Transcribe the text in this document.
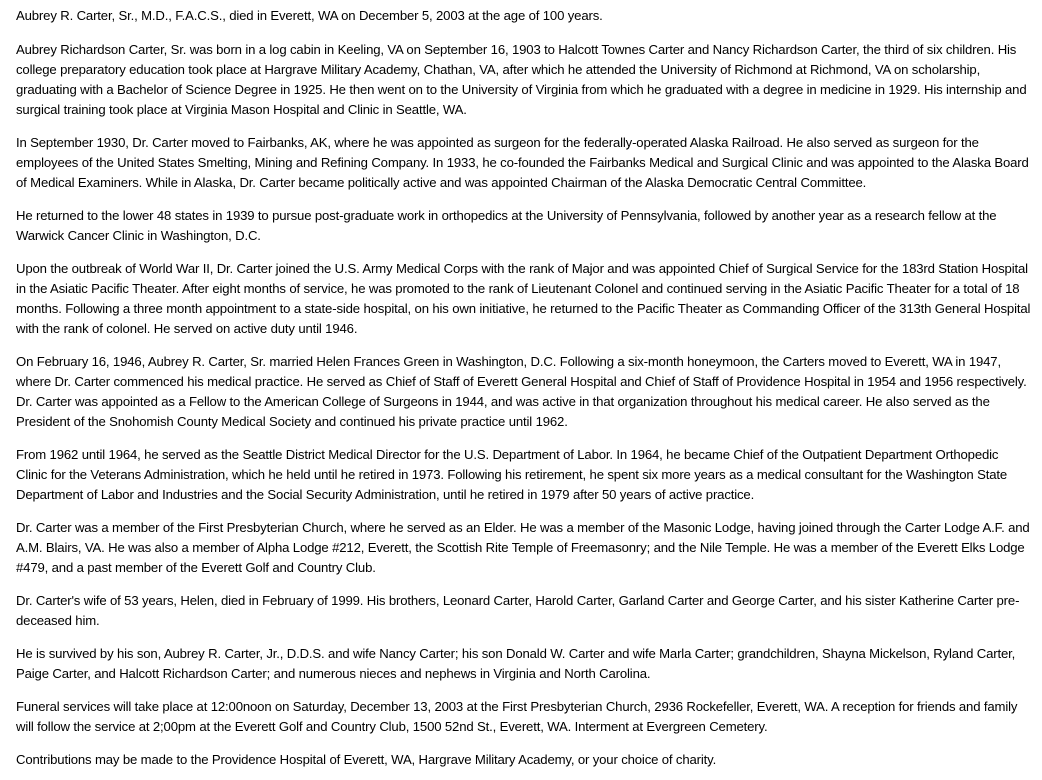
Aubrey R. Carter, Sr., M.D., F.A.C.S., died in Everett, WA on December 5, 2003 at the age of 100 years.

Aubrey Richardson Carter, Sr. was born in a log cabin in Keeling, VA on September 16, 1903 to Halcott Townes Carter and Nancy Richardson Carter, the third of six children. His college preparatory education took place at Hargrave Military Academy, Chathan, VA, after which he attended the University of Richmond at Richmond, VA on scholarship, graduating with a Bachelor of Science Degree in 1925. He then went on to the University of Virginia from which he graduated with a degree in medicine in 1929. His internship and surgical training took place at Virginia Mason Hospital and Clinic in Seattle, WA.

In September 1930, Dr. Carter moved to Fairbanks, AK, where he was appointed as surgeon for the federally-operated Alaska Railroad. He also served as surgeon for the employees of the United States Smelting, Mining and Refining Company. In 1933, he co-founded the Fairbanks Medical and Surgical Clinic and was appointed to the Alaska Board of Medical Examiners. While in Alaska, Dr. Carter became politically active and was appointed Chairman of the Alaska Democratic Central Committee.

He returned to the lower 48 states in 1939 to pursue post-graduate work in orthopedics at the University of Pennsylvania, followed by another year as a research fellow at the Warwick Cancer Clinic in Washington, D.C.

Upon the outbreak of World War II, Dr. Carter joined the U.S. Army Medical Corps with the rank of Major and was appointed Chief of Surgical Service for the 183rd Station Hospital in the Asiatic Pacific Theater. After eight months of service, he was promoted to the rank of Lieutenant Colonel and continued serving in the Asiatic Pacific Theater for a total of 18 months. Following a three month appointment to a state-side hospital, on his own initiative, he returned to the Pacific Theater as Commanding Officer of the 313th General Hospital with the rank of colonel. He served on active duty until 1946.

On February 16, 1946, Aubrey R. Carter, Sr. married Helen Frances Green in Washington, D.C. Following a six-month honeymoon, the Carters moved to Everett, WA in 1947, where Dr. Carter commenced his medical practice. He served as Chief of Staff of Everett General Hospital and Chief of Staff of Providence Hospital in 1954 and 1956 respectively. Dr. Carter was appointed as a Fellow to the American College of Surgeons in 1944, and was active in that organization throughout his medical career. He also served as the President of the Snohomish County Medical Society and continued his private practice until 1962.

From 1962 until 1964, he served as the Seattle District Medical Director for the U.S. Department of Labor. In 1964, he became Chief of the Outpatient Department Orthopedic Clinic for the Veterans Administration, which he held until he retired in 1973. Following his retirement, he spent six more years as a medical consultant for the Washington State Department of Labor and Industries and the Social Security Administration, until he retired in 1979 after 50 years of active practice.

Dr. Carter was a member of the First Presbyterian Church, where he served as an Elder. He was a member of the Masonic Lodge, having joined through the Carter Lodge A.F. and A.M. Blairs, VA. He was also a member of Alpha Lodge #212, Everett, the Scottish Rite Temple of Freemasonry; and the Nile Temple. He was a member of the Everett Elks Lodge #479, and a past member of the Everett Golf and Country Club.

Dr. Carter's wife of 53 years, Helen, died in February of 1999. His brothers, Leonard Carter, Harold Carter, Garland Carter and George Carter, and his sister Katherine Carter pre-deceased him.

He is survived by his son, Aubrey R. Carter, Jr., D.D.S. and wife Nancy Carter; his son Donald W. Carter and wife Marla Carter; grandchildren, Shayna Mickelson, Ryland Carter, Paige Carter, and Halcott Richardson Carter; and numerous nieces and nephews in Virginia and North Carolina.

Funeral services will take place at 12:00noon on Saturday, December 13, 2003 at the First Presbyterian Church, 2936 Rockefeller, Everett, WA. A reception for friends and family will follow the service at 2;00pm at the Everett Golf and Country Club, 1500 52nd St., Everett, WA. Interment at Evergreen Cemetery.

Contributions may be made to the Providence Hospital of Everett, WA, Hargrave Military Academy, or your choice of charity.
